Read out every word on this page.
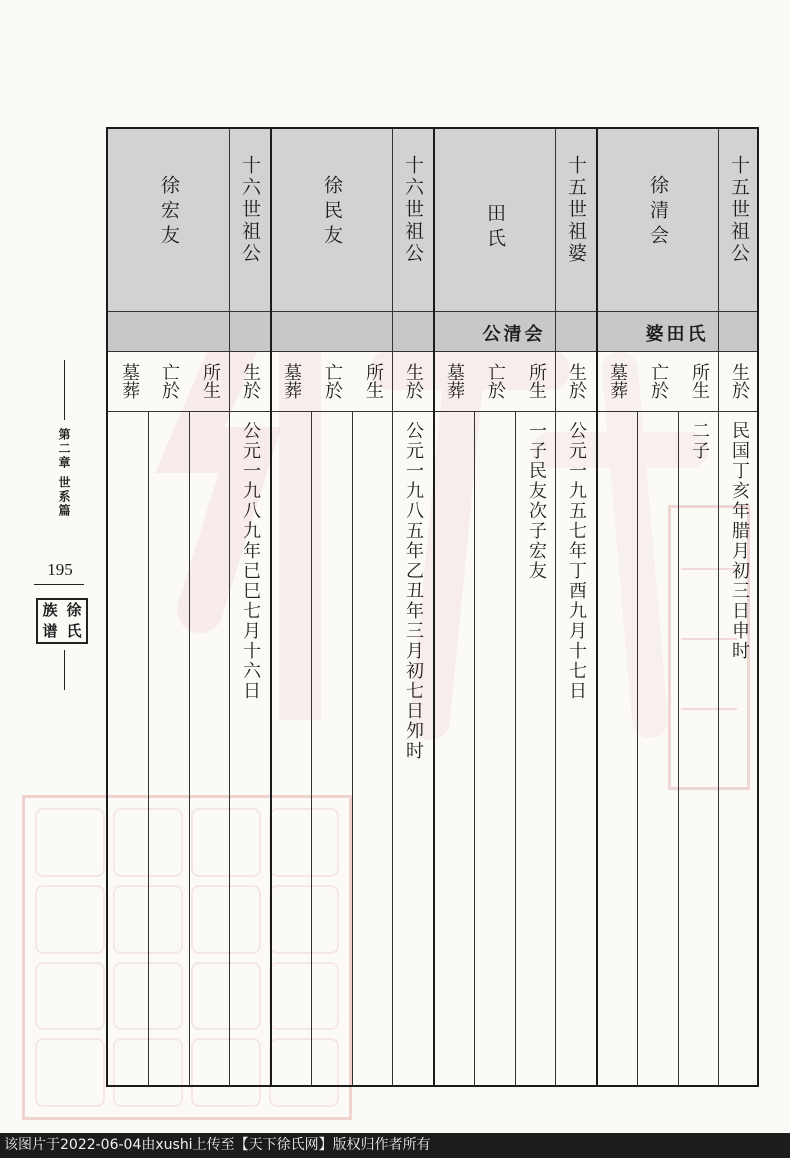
第二章 世系篇
195
徐
氏
族
谱
十五世祖公
徐清会
婆田氏
生於
所生
亡於
墓葬
民国丁亥年腊月初三日申时
二子
十五世祖婆
田氏
公清会
生於
所生
亡於
墓葬
公元一九五七年丁酉九月十七日
一子民友次子宏友
十六世祖公
徐民友
生於
所生
亡於
墓葬
公元一九八五年乙丑年三月初七日夘时
十六世祖公
徐宏友
生於
所生
亡於
墓葬
公元一九八九年已巳七月十六日
该图片于2022-06-04由xushi上传至【天下徐氏网】版权归作者所有
